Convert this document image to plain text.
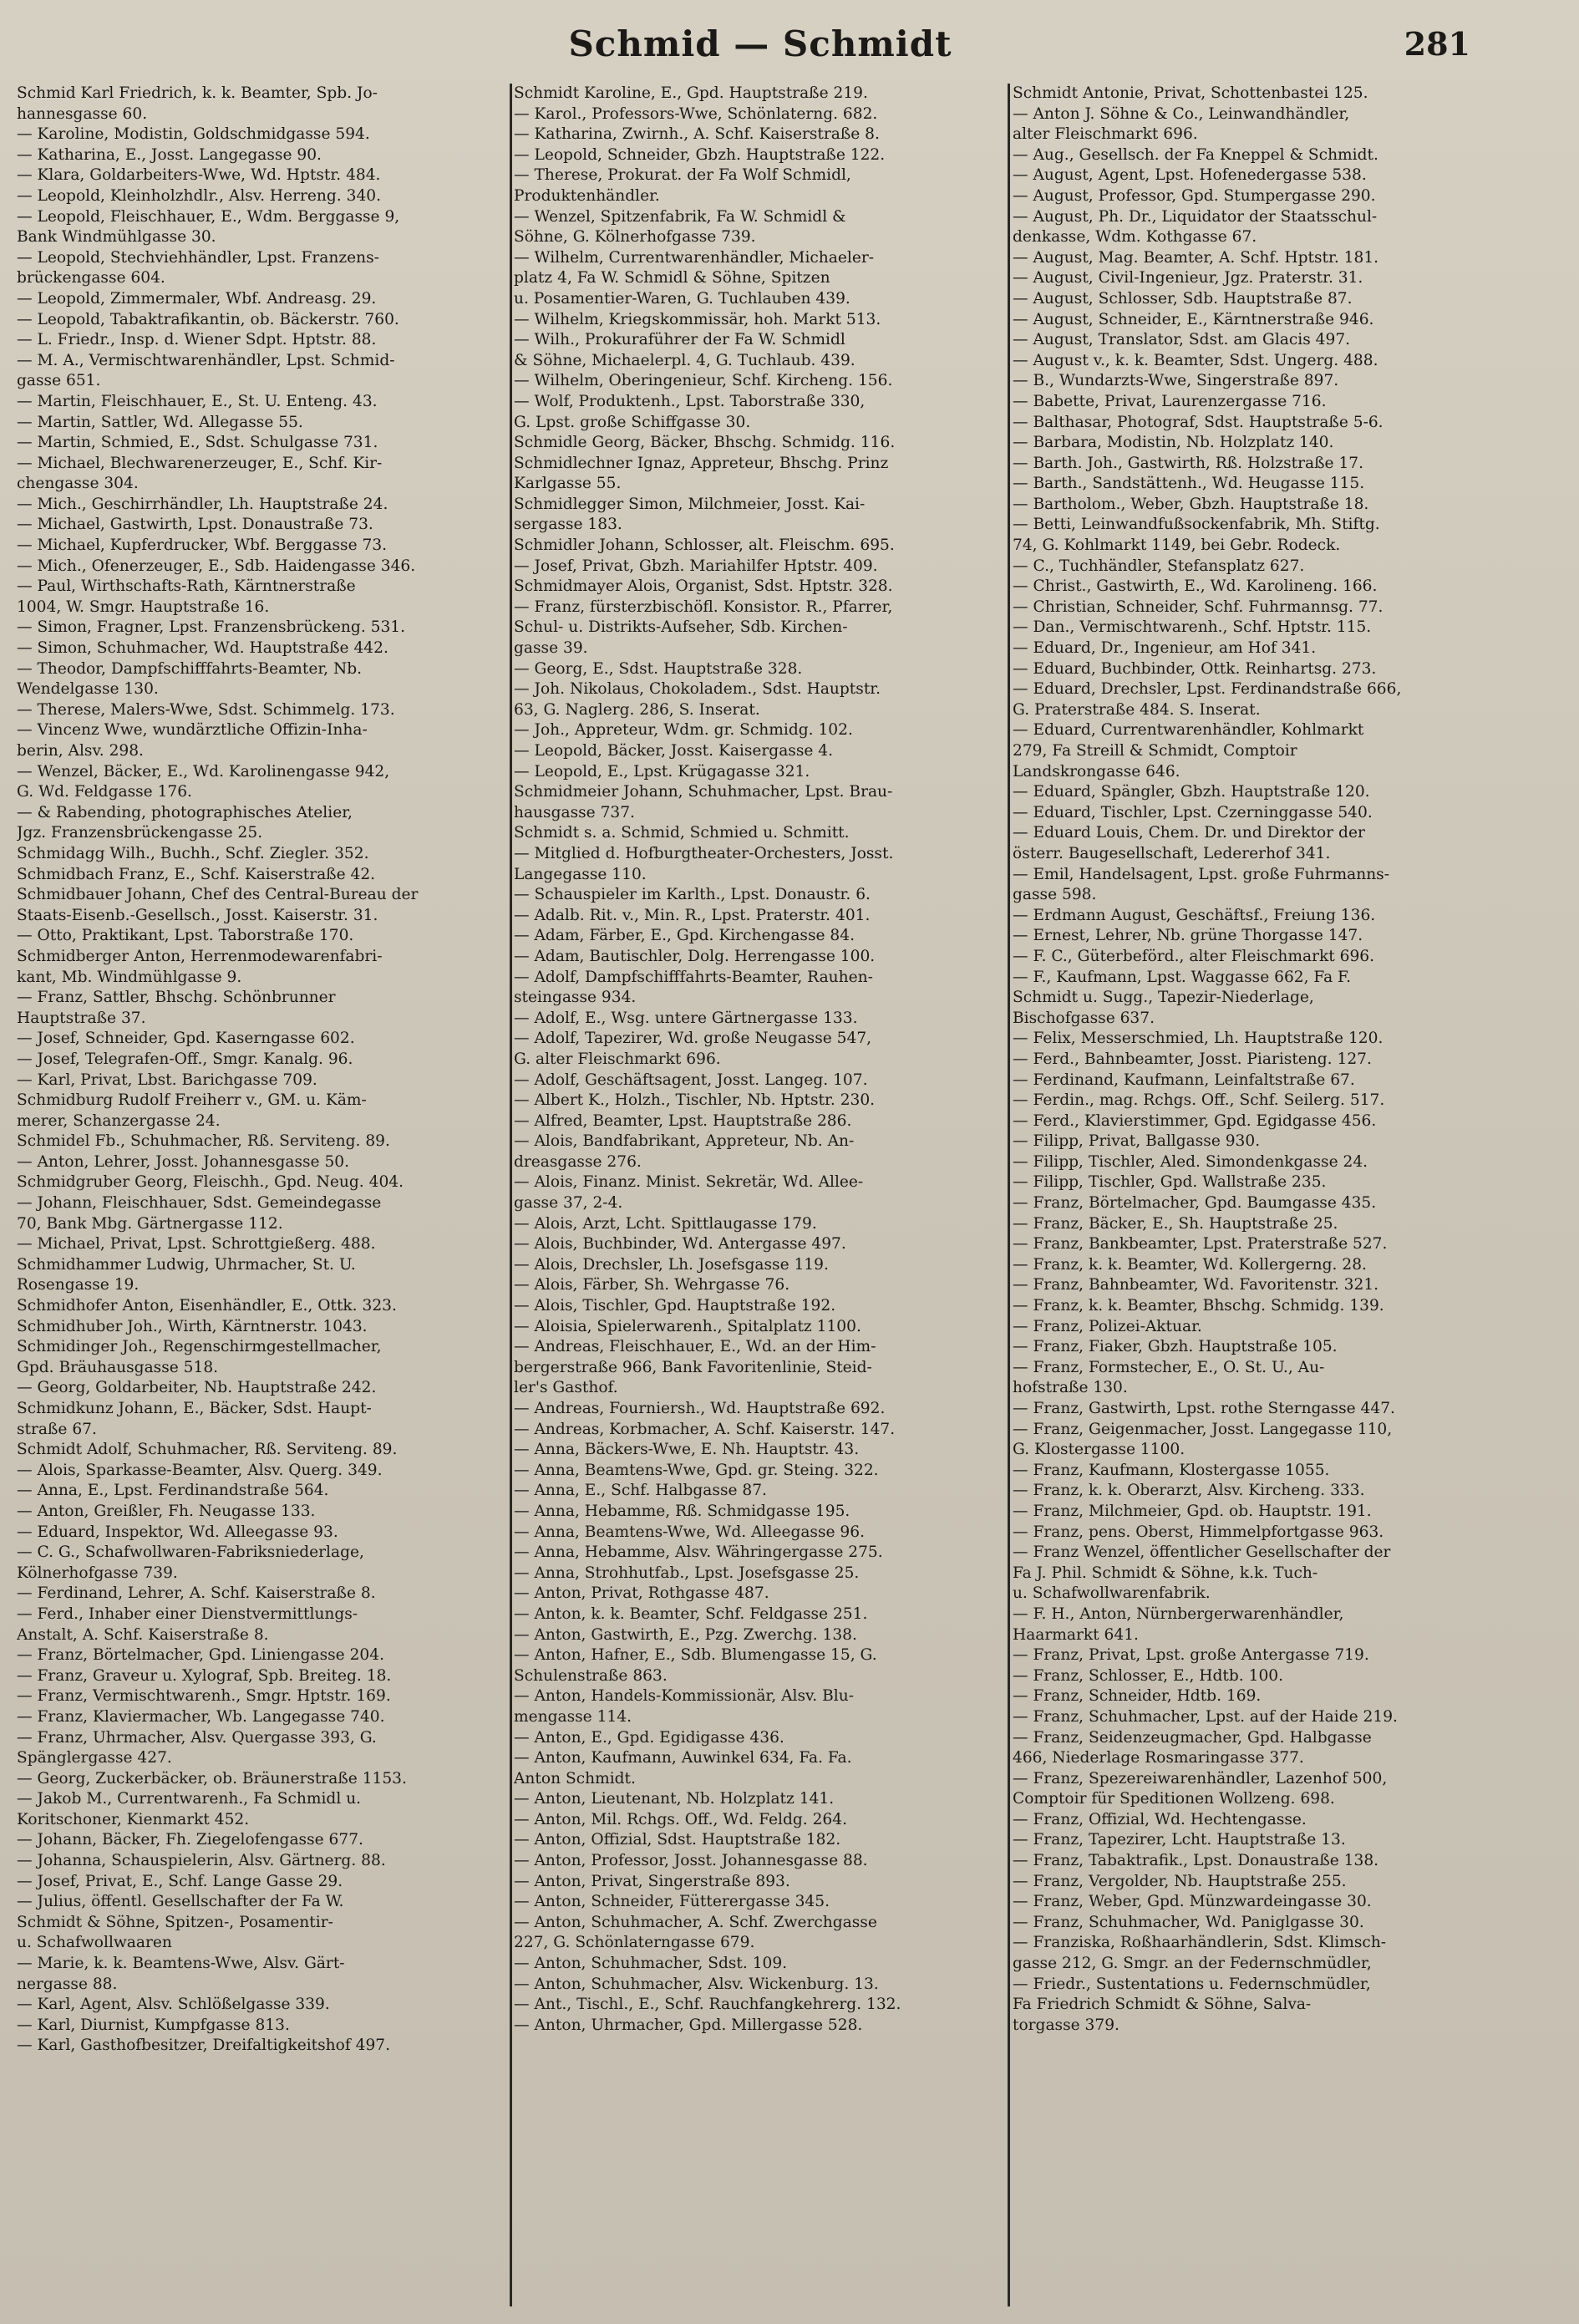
Schmid — Schmidt	281
Schmid Karl Friedrich, k. k. Beamter, Spb. Jo-
hannesgasse 60.
— Karoline, Modistin, Goldschmidgasse 594.
— Katharina, E., Josst. Langegasse 90.
— Klara, Goldarbeiters-Wwe, Wd. Hptstr. 484.
— Leopold, Kleinholzhdlr., Alsv. Herreng. 340.
— Leopold, Fleischhauer, E., Wdm. Berggasse 9,
Bank Windmühlgasse 30.
— Leopold, Stechviehhändler, Lpst. Franzens-
brückengasse 604.
— Leopold, Zimmermaler, Wbf. Andreasg. 29.
— Leopold, Tabaktrafikantin, ob. Bäckerstr. 760.
— L. Friedr., Insp. d. Wiener Sdpt. Hptstr. 88.
— M. A., Vermischtwarenhändler, Lpst. Schmid-
gasse 651.
— Martin, Fleischhauer, E., St. U. Enteng. 43.
— Martin, Sattler, Wd. Allegasse 55.
— Martin, Schmied, E., Sdst. Schulgasse 731.
— Michael, Blechwarenerzeuger, E., Schf. Kir-
chengasse 304.
— Mich., Geschirrhändler, Lh. Hauptstraße 24.
— Michael, Gastwirth, Lpst. Donaustraße 73.
— Michael, Kupferdrucker, Wbf. Berggasse 73.
— Mich., Ofenerzeuger, E., Sdb. Haidengasse 346.
— Paul, Wirthschafts-Rath, Kärntnerstraße
1004, W. Smgr. Hauptstraße 16.
— Simon, Fragner, Lpst. Franzensbrückeng. 531.
— Simon, Schuhmacher, Wd. Hauptstraße 442.
— Theodor, Dampfschifffahrts-Beamter, Nb.
Wendelgasse 130.
— Therese, Malers-Wwe, Sdst. Schimmelg. 173.
— Vincenz Wwe, wundärztliche Offizin-Inha-
berin, Alsv. 298.
— Wenzel, Bäcker, E., Wd. Karolinengasse 942,
G. Wd. Feldgasse 176.
— & Rabending, photographisches Atelier,
Jgz. Franzensbrückengasse 25.
Schmidagg Wilh., Buchh., Schf. Ziegler. 352.
Schmidbach Franz, E., Schf. Kaiserstraße 42.
Schmidbauer Johann, Chef des Central-Bureau der
Staats-Eisenb.-Gesellsch., Josst. Kaiserstr. 31.
— Otto, Praktikant, Lpst. Taborstraße 170.
Schmidberger Anton, Herrenmodewarenfabri-
kant, Mb. Windmühlgasse 9.
— Franz, Sattler, Bhschg. Schönbrunner
Hauptstraße 37.
— Josef, Schneider, Gpd. Kaserngasse 602.
— Josef, Telegrafen-Off., Smgr. Kanalg. 96.
— Karl, Privat, Lbst. Barichgasse 709.
Schmidburg Rudolf Freiherr v., GM. u. Käm-
merer, Schanzergasse 24.
Schmidel Fb., Schuhmacher, Rß. Serviteng. 89.
— Anton, Lehrer, Josst. Johannesgasse 50.
Schmidgruber Georg, Fleischh., Gpd. Neug. 404.
— Johann, Fleischhauer, Sdst. Gemeindegasse
70, Bank Mbg. Gärtnergasse 112.
— Michael, Privat, Lpst. Schrottgießerg. 488.
Schmidhammer Ludwig, Uhrmacher, St. U.
Rosengasse 19.
Schmidhofer Anton, Eisenhändler, E., Ottk. 323.
Schmidhuber Joh., Wirth, Kärntnerstr. 1043.
Schmidinger Joh., Regenschirmgestellmacher,
Gpd. Bräuhausgasse 518.
— Georg, Goldarbeiter, Nb. Hauptstraße 242.
Schmidkunz Johann, E., Bäcker, Sdst. Haupt-
straße 67.
Schmidt Adolf, Schuhmacher, Rß. Serviteng. 89.
— Alois, Sparkasse-Beamter, Alsv. Querg. 349.
— Anna, E., Lpst. Ferdinandstraße 564.
— Anton, Greißler, Fh. Neugasse 133.
— Eduard, Inspektor, Wd. Alleegasse 93.
— C. G., Schafwollwaren-Fabriksniederlage,
Kölnerhofgasse 739.
— Ferdinand, Lehrer, A. Schf. Kaiserstraße 8.
— Ferd., Inhaber einer Dienstvermittlungs-
Anstalt, A. Schf. Kaiserstraße 8.
— Franz, Börtelmacher, Gpd. Liniengasse 204.
— Franz, Graveur u. Xylograf, Spb. Breiteg. 18.
— Franz, Vermischtwarenh., Smgr. Hptstr. 169.
— Franz, Klaviermacher, Wb. Langegasse 740.
— Franz, Uhrmacher, Alsv. Quergasse 393, G.
Spänglergasse 427.
— Georg, Zuckerbäcker, ob. Bräunerstraße 1153.
— Jakob M., Currentwarenh., Fa Schmidl u.
Koritschoner, Kienmarkt 452.
— Johann, Bäcker, Fh. Ziegelofengasse 677.
— Johanna, Schauspielerin, Alsv. Gärtnerg. 88.
— Josef, Privat, E., Schf. Lange Gasse 29.
— Julius, öffentl. Gesellschafter der Fa W.
Schmidt & Söhne, Spitzen-, Posamentir-
u. Schafwollwaaren
— Marie, k. k. Beamtens-Wwe, Alsv. Gärt-
nergasse 88.
— Karl, Agent, Alsv. Schlößelgasse 339.
— Karl, Diurnist, Kumpfgasse 813.
— Karl, Gasthofbesitzer, Dreifaltigkeitshof 497.
Schmidt Karoline, E., Gpd. Hauptstraße 219.
— Karol., Professors-Wwe, Schönlaterng. 682.
— Katharina, Zwirnh., A. Schf. Kaiserstraße 8.
— Leopold, Schneider, Gbzh. Hauptstraße 122.
— Therese, Prokurat. der Fa Wolf Schmidl,
Produktenhändler.
— Wenzel, Spitzenfabrik, Fa W. Schmidl &
Söhne, G. Kölnerhofgasse 739.
— Wilhelm, Currentwarenhändler, Michaeler-
platz 4, Fa W. Schmidl & Söhne, Spitzen
u. Posamentier-Waren, G. Tuchlauben 439.
— Wilhelm, Kriegskommissär, hoh. Markt 513.
— Wilh., Prokuraführer der Fa W. Schmidl
& Söhne, Michaelerpl. 4, G. Tuchlaub. 439.
— Wilhelm, Oberingenieur, Schf. Kircheng. 156.
— Wolf, Produktenh., Lpst. Taborstraße 330,
G. Lpst. große Schiffgasse 30.
Schmidle Georg, Bäcker, Bhschg. Schmidg. 116.
Schmidlechner Ignaz, Appreteur, Bhschg. Prinz
Karlgasse 55.
Schmidlegger Simon, Milchmeier, Josst. Kai-
sergasse 183.
Schmidler Johann, Schlosser, alt. Fleischm. 695.
— Josef, Privat, Gbzh. Mariahilfer Hptstr. 409.
Schmidmayer Alois, Organist, Sdst. Hptstr. 328.
— Franz, fürsterzbischöfl. Konsistor. R., Pfarrer,
Schul- u. Distrikts-Aufseher, Sdb. Kirchen-
gasse 39.
— Georg, E., Sdst. Hauptstraße 328.
— Joh. Nikolaus, Chokoladem., Sdst. Hauptstr.
63, G. Naglerg. 286, S. Inserat.
— Joh., Appreteur, Wdm. gr. Schmidg. 102.
— Leopold, Bäcker, Josst. Kaisergasse 4.
— Leopold, E., Lpst. Krügagasse 321.
Schmidmeier Johann, Schuhmacher, Lpst. Brau-
hausgasse 737.
Schmidt s. a. Schmid, Schmied u. Schmitt.
— Mitglied d. Hofburgtheater-Orchesters, Josst.
Langegasse 110.
— Schauspieler im Karlth., Lpst. Donaustr. 6.
— Adalb. Rit. v., Min. R., Lpst. Praterstr. 401.
— Adam, Färber, E., Gpd. Kirchengasse 84.
— Adam, Bautischler, Dolg. Herrengasse 100.
— Adolf, Dampfschifffahrts-Beamter, Rauhen-
steingasse 934.
— Adolf, E., Wsg. untere Gärtnergasse 133.
— Adolf, Tapezirer, Wd. große Neugasse 547,
G. alter Fleischmarkt 696.
— Adolf, Geschäftsagent, Josst. Langeg. 107.
— Albert K., Holzh., Tischler, Nb. Hptstr. 230.
— Alfred, Beamter, Lpst. Hauptstraße 286.
— Alois, Bandfabrikant, Appreteur, Nb. An-
dreasgasse 276.
— Alois, Finanz. Minist. Sekretär, Wd. Allee-
gasse 37, 2-4.
— Alois, Arzt, Lcht. Spittlaugasse 179.
— Alois, Buchbinder, Wd. Antergasse 497.
— Alois, Drechsler, Lh. Josefsgasse 119.
— Alois, Färber, Sh. Wehrgasse 76.
— Alois, Tischler, Gpd. Hauptstraße 192.
— Aloisia, Spielerwarenh., Spitalplatz 1100.
— Andreas, Fleischhauer, E., Wd. an der Him-
bergerstraße 966, Bank Favoritenlinie, Steid-
ler's Gasthof.
— Andreas, Fourniersh., Wd. Hauptstraße 692.
— Andreas, Korbmacher, A. Schf. Kaiserstr. 147.
— Anna, Bäckers-Wwe, E. Nh. Hauptstr. 43.
— Anna, Beamtens-Wwe, Gpd. gr. Steing. 322.
— Anna, E., Schf. Halbgasse 87.
— Anna, Hebamme, Rß. Schmidgasse 195.
— Anna, Beamtens-Wwe, Wd. Alleegasse 96.
— Anna, Hebamme, Alsv. Währingergasse 275.
— Anna, Strohhutfab., Lpst. Josefsgasse 25.
— Anton, Privat, Rothgasse 487.
— Anton, k. k. Beamter, Schf. Feldgasse 251.
— Anton, Gastwirth, E., Pzg. Zwerchg. 138.
— Anton, Hafner, E., Sdb. Blumengasse 15, G.
Schulenstraße 863.
— Anton, Handels-Kommissionär, Alsv. Blu-
mengasse 114.
— Anton, E., Gpd. Egidigasse 436.
— Anton, Kaufmann, Auwinkel 634, Fa. Fa.
Anton Schmidt.
— Anton, Lieutenant, Nb. Holzplatz 141.
— Anton, Mil. Rchgs. Off., Wd. Feldg. 264.
— Anton, Offizial, Sdst. Hauptstraße 182.
— Anton, Professor, Josst. Johannesgasse 88.
— Anton, Privat, Singerstraße 893.
— Anton, Schneider, Fütterergasse 345.
— Anton, Schuhmacher, A. Schf. Zwerchgasse
227, G. Schönlaterngasse 679.
— Anton, Schuhmacher, Sdst. 109.
— Anton, Schuhmacher, Alsv. Wickenburg. 13.
— Ant., Tischl., E., Schf. Rauchfangkehrerg. 132.
— Anton, Uhrmacher, Gpd. Millergasse 528.
Schmidt Antonie, Privat, Schottenbastei 125.
— Anton J. Söhne & Co., Leinwandhändler,
alter Fleischmarkt 696.
— Aug., Gesellsch. der Fa Kneppel & Schmidt.
— August, Agent, Lpst. Hofenedergasse 538.
— August, Professor, Gpd. Stumpergasse 290.
— August, Ph. Dr., Liquidator der Staatsschul-
denkasse, Wdm. Kothgasse 67.
— August, Mag. Beamter, A. Schf. Hptstr. 181.
— August, Civil-Ingenieur, Jgz. Praterstr. 31.
— August, Schlosser, Sdb. Hauptstraße 87.
— August, Schneider, E., Kärntnerstraße 946.
— August, Translator, Sdst. am Glacis 497.
— August v., k. k. Beamter, Sdst. Ungerg. 488.
— B., Wundarzts-Wwe, Singerstraße 897.
— Babette, Privat, Laurenzergasse 716.
— Balthasar, Photograf, Sdst. Hauptstraße 5-6.
— Barbara, Modistin, Nb. Holzplatz 140.
— Barth. Joh., Gastwirth, Rß. Holzstraße 17.
— Barth., Sandstättenh., Wd. Heugasse 115.
— Bartholom., Weber, Gbzh. Hauptstraße 18.
— Betti, Leinwandfußsockenfabrik, Mh. Stiftg.
74, G. Kohlmarkt 1149, bei Gebr. Rodeck.
— C., Tuchhändler, Stefansplatz 627.
— Christ., Gastwirth, E., Wd. Karolineng. 166.
— Christian, Schneider, Schf. Fuhrmannsg. 77.
— Dan., Vermischtwarenh., Schf. Hptstr. 115.
— Eduard, Dr., Ingenieur, am Hof 341.
— Eduard, Buchbinder, Ottk. Reinhartsg. 273.
— Eduard, Drechsler, Lpst. Ferdinandstraße 666,
G. Praterstraße 484. S. Inserat.
— Eduard, Currentwarenhändler, Kohlmarkt
279, Fa Streill & Schmidt, Comptoir
Landskrongasse 646.
— Eduard, Spängler, Gbzh. Hauptstraße 120.
— Eduard, Tischler, Lpst. Czerninggasse 540.
— Eduard Louis, Chem. Dr. und Direktor der
österr. Baugesellschaft, Ledererhof 341.
— Emil, Handelsagent, Lpst. große Fuhrmanns-
gasse 598.
— Erdmann August, Geschäftsf., Freiung 136.
— Ernest, Lehrer, Nb. grüne Thorgasse 147.
— F. C., Güterbeförd., alter Fleischmarkt 696.
— F., Kaufmann, Lpst. Waggasse 662, Fa F.
Schmidt u. Sugg., Tapezir-Niederlage,
Bischofgasse 637.
— Felix, Messerschmied, Lh. Hauptstraße 120.
— Ferd., Bahnbeamter, Josst. Piaristeng. 127.
— Ferdinand, Kaufmann, Leinfaltstraße 67.
— Ferdin., mag. Rchgs. Off., Schf. Seilerg. 517.
— Ferd., Klavierstimmer, Gpd. Egidgasse 456.
— Filipp, Privat, Ballgasse 930.
— Filipp, Tischler, Aled. Simondenkgasse 24.
— Filipp, Tischler, Gpd. Wallstraße 235.
— Franz, Börtelmacher, Gpd. Baumgasse 435.
— Franz, Bäcker, E., Sh. Hauptstraße 25.
— Franz, Bankbeamter, Lpst. Praterstraße 527.
— Franz, k. k. Beamter, Wd. Kollergerng. 28.
— Franz, Bahnbeamter, Wd. Favoritenstr. 321.
— Franz, k. k. Beamter, Bhschg. Schmidg. 139.
— Franz, Polizei-Aktuar.
— Franz, Fiaker, Gbzh. Hauptstraße 105.
— Franz, Formstecher, E., O. St. U., Au-
hofstraße 130.
— Franz, Gastwirth, Lpst. rothe Sterngasse 447.
— Franz, Geigenmacher, Josst. Langegasse 110,
G. Klostergasse 1100.
— Franz, Kaufmann, Klostergasse 1055.
— Franz, k. k. Oberarzt, Alsv. Kircheng. 333.
— Franz, Milchmeier, Gpd. ob. Hauptstr. 191.
— Franz, pens. Oberst, Himmelpfortgasse 963.
— Franz Wenzel, öffentlicher Gesellschafter der
Fa J. Phil. Schmidt & Söhne, k.k. Tuch-
u. Schafwollwarenfabrik.
— F. H., Anton, Nürnbergerwarenhändler,
Haarmarkt 641.
— Franz, Privat, Lpst. große Antergasse 719.
— Franz, Schlosser, E., Hdtb. 100.
— Franz, Schneider, Hdtb. 169.
— Franz, Schuhmacher, Lpst. auf der Haide 219.
— Franz, Seidenzeugmacher, Gpd. Halbgasse
466, Niederlage Rosmaringasse 377.
— Franz, Spezereiwarenhändler, Lazenhof 500,
Comptoir für Speditionen Wollzeng. 698.
— Franz, Offizial, Wd. Hechtengasse.
— Franz, Tapezirer, Lcht. Hauptstraße 13.
— Franz, Tabaktrafik., Lpst. Donaustraße 138.
— Franz, Vergolder, Nb. Hauptstraße 255.
— Franz, Weber, Gpd. Münzwardeingasse 30.
— Franz, Schuhmacher, Wd. Paniglgasse 30.
— Franziska, Roßhaarhändlerin, Sdst. Klimsch-
gasse 212, G. Smgr. an der Federnschmüdler,
— Friedr., Sustentations u. Federnschmüdler,
Fa Friedrich Schmidt & Söhne, Salva-
torgasse 379.
